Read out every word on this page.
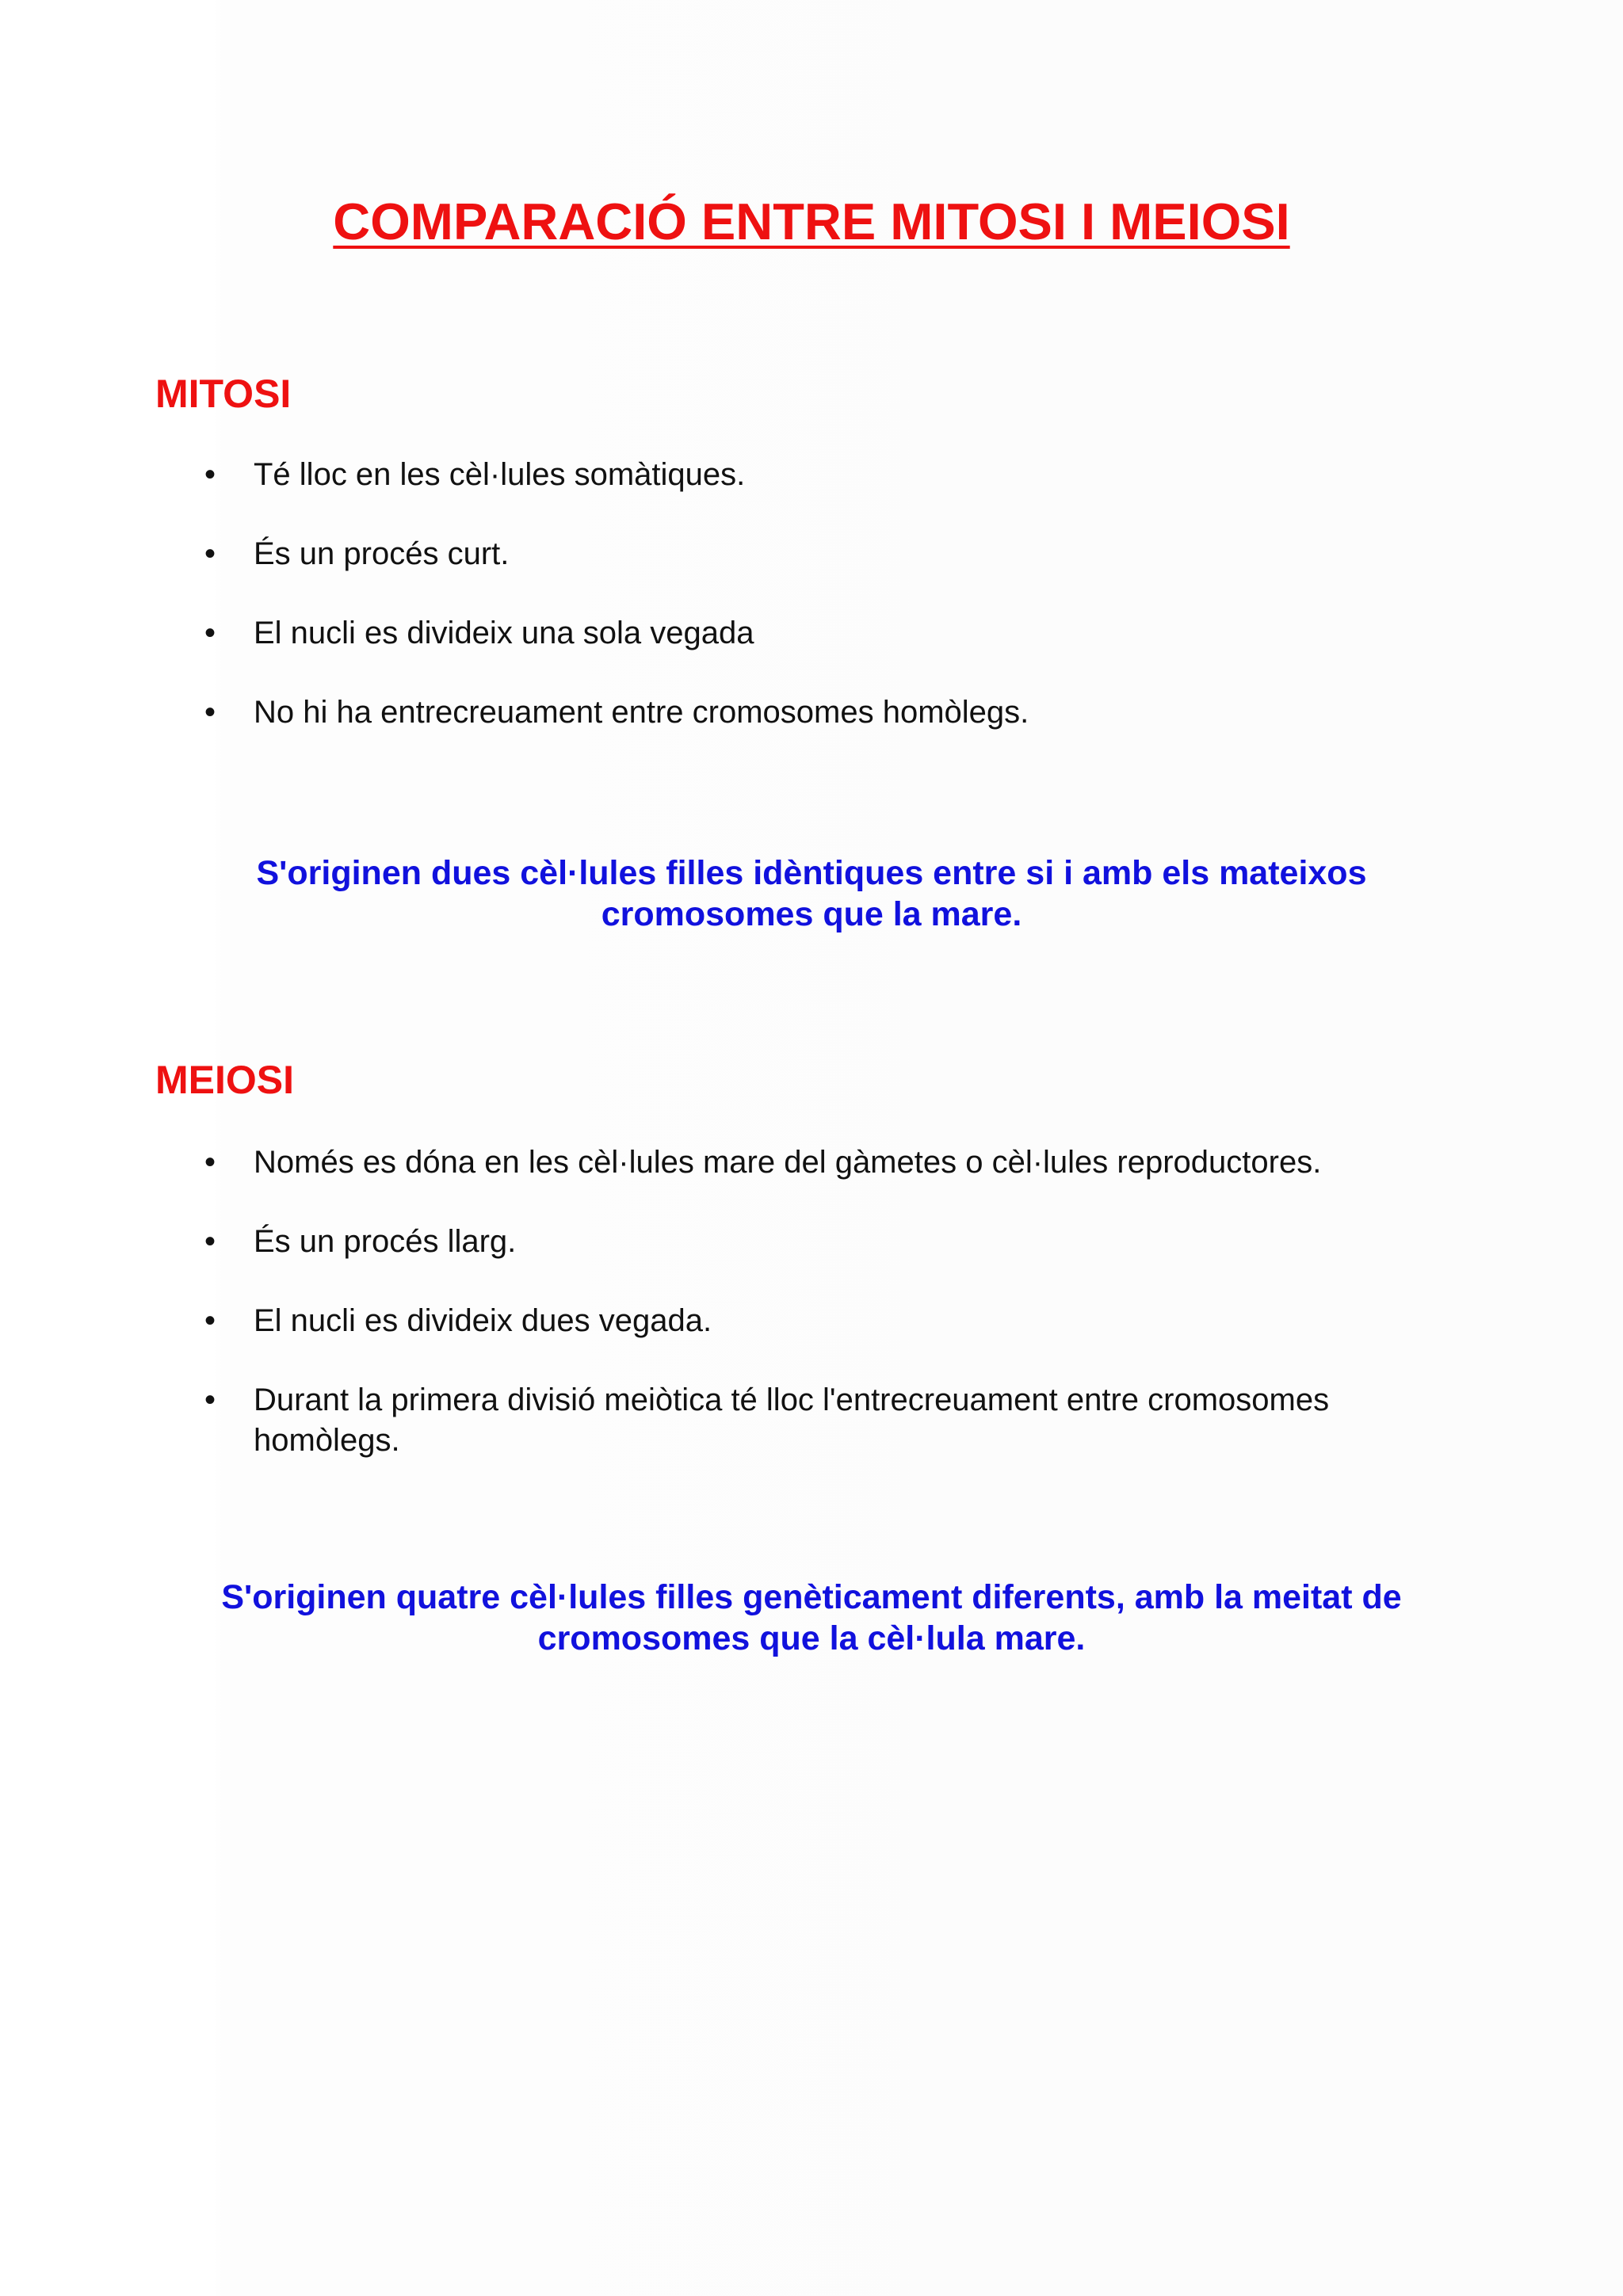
COMPARACIÓ ENTRE MITOSI I MEIOSI
MITOSI
• Té lloc en les cèl·lules somàtiques.
• És un procés curt.
• El nucli es divideix una sola vegada
• No hi ha entrecreuament entre cromosomes homòlegs.

S'originen dues cèl·lules filles idèntiques entre si i amb els mateixos
cromosomes que la mare.

MEIOSI
• Només es dóna en les cèl·lules mare del gàmetes o cèl·lules reproductores.
• És un procés llarg.
• El nucli es divideix dues vegada.
• Durant la primera divisió meiòtica té lloc l'entrecreuament entre cromosomes homòlegs.

S'originen quatre cèl·lules filles genèticament diferents, amb la meitat de
cromosomes que la cèl·lula mare.
